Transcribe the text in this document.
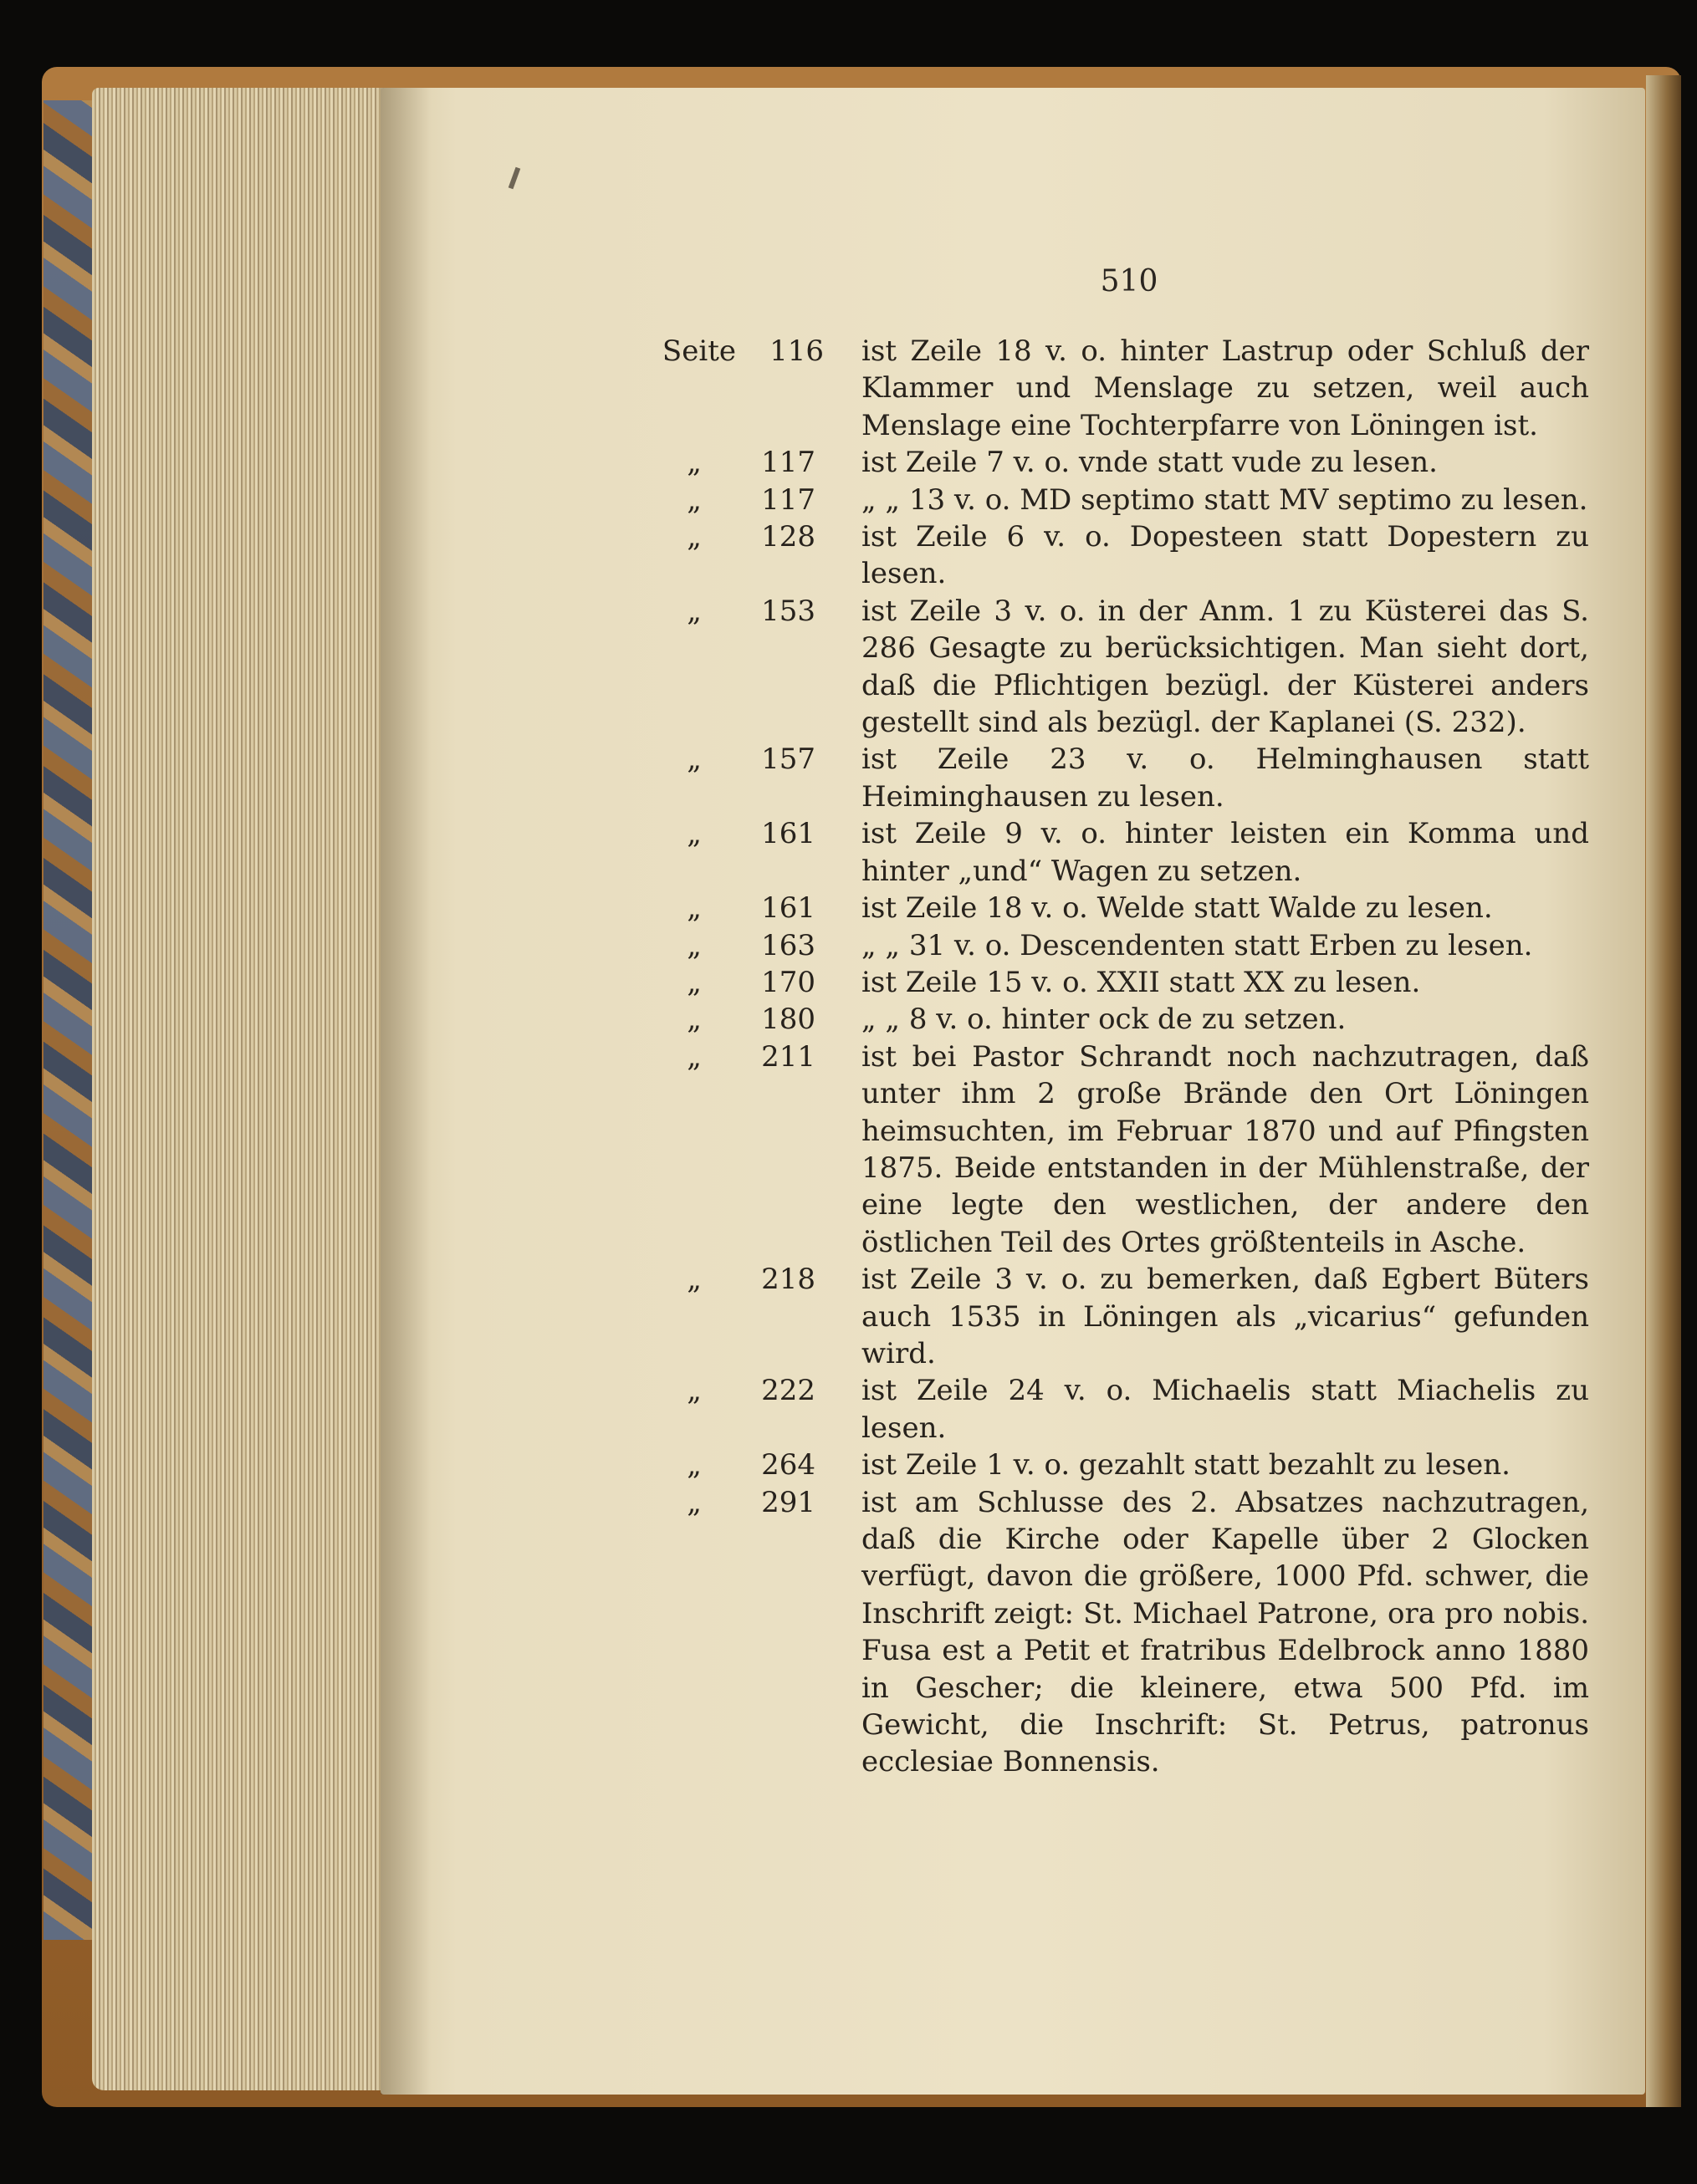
510
Seite	116	ist Zeile 18 v. o. hinter Lastrup oder Schluß der Klammer und Menslage zu setzen, weil auch Menslage eine Tochterpfarre von Löningen ist.
„	117	ist Zeile 7 v. o. vnde statt vude zu lesen.
„	117	„ „ 13 v. o. MD septimo statt MV septimo zu lesen.
„	128	ist Zeile 6 v. o. Dopesteen statt Dopestern zu lesen.
„	153	ist Zeile 3 v. o. in der Anm. 1 zu Küsterei das S. 286 Gesagte zu berücksichtigen. Man sieht dort, daß die Pflichtigen bezügl. der Küsterei anders gestellt sind als bezügl. der Kaplanei (S. 232).
„	157	ist Zeile 23 v. o. Helminghausen statt Heiminghausen zu lesen.
„	161	ist Zeile 9 v. o. hinter leisten ein Komma und hinter „und“ Wagen zu setzen.
„	161	ist Zeile 18 v. o. Welde statt Walde zu lesen.
„	163	„ „ 31 v. o. Descendenten statt Erben zu lesen.
„	170	ist Zeile 15 v. o. XXII statt XX zu lesen.
„	180	„ „ 8 v. o. hinter ock de zu setzen.
„	211	ist bei Pastor Schrandt noch nachzutragen, daß unter ihm 2 große Brände den Ort Löningen heimsuchten, im Februar 1870 und auf Pfingsten 1875. Beide entstanden in der Mühlenstraße, der eine legte den westlichen, der andere den östlichen Teil des Ortes größtenteils in Asche.
„	218	ist Zeile 3 v. o. zu bemerken, daß Egbert Büters auch 1535 in Löningen als „vicarius“ gefunden wird.
„	222	ist Zeile 24 v. o. Michaelis statt Miachelis zu lesen.
„	264	ist Zeile 1 v. o. gezahlt statt bezahlt zu lesen.
„	291	ist am Schlusse des 2. Absatzes nachzutragen, daß die Kirche oder Kapelle über 2 Glocken verfügt, davon die größere, 1000 Pfd. schwer, die Inschrift zeigt: St. Michael Patrone, ora pro nobis. Fusa est a Petit et fratribus Edelbrock anno 1880 in Gescher; die kleinere, etwa 500 Pfd. im Gewicht, die Inschrift: St. Petrus, patronus ecclesiae Bonnensis.
